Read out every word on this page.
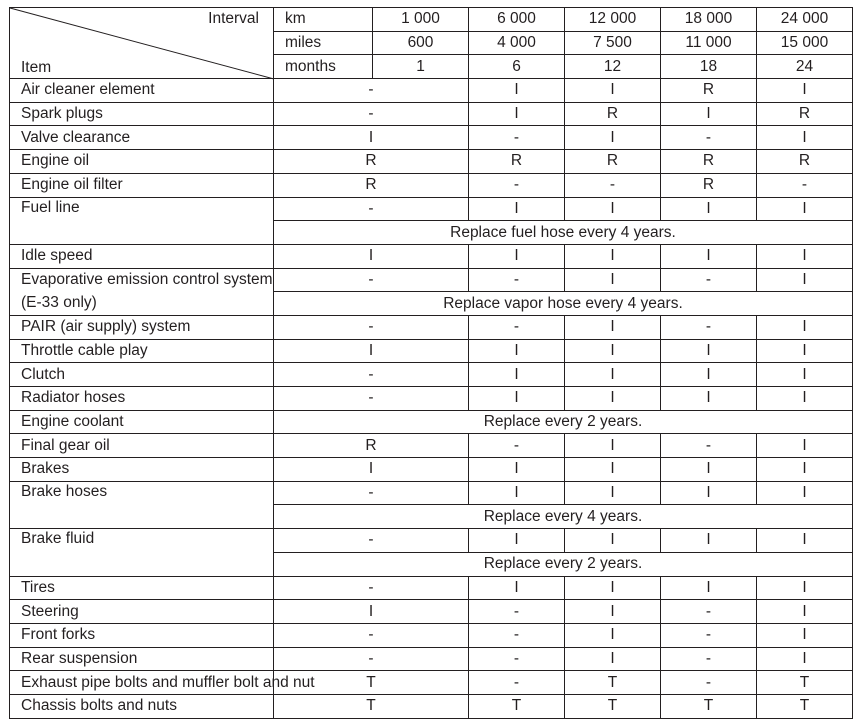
Interval
Item	km	1 000	6 000	12 000	18 000	24 000
	miles	600	4 000	7 500	11 000	15 000
	months	1	6	12	18	24
Air cleaner element	-		I	I	R	I
Spark plugs	-		I	R	I	R
Valve clearance	I		-	I	-	I
Engine oil	R		R	R	R	R
Engine oil filter	R		-	-	R	-
Fuel line	-		I	I	I	I
	Replace fuel hose every 4 years.					
Idle speed	I		I	I	I	I
Evaporative emission control system	-		-	I	-	I
(E-33 only)	Replace vapor hose every 4 years.					
PAIR (air supply) system	-		-	I	-	I
Throttle cable play	I		I	I	I	I
Clutch	-		I	I	I	I
Radiator hoses	-		I	I	I	I
Engine coolant	Replace every 2 years.					
Final gear oil	R		-	I	-	I
Brakes	I		I	I	I	I
Brake hoses	-		I	I	I	I
	Replace every 4 years.					
Brake fluid	-		I	I	I	I
	Replace every 2 years.					
Tires	-		I	I	I	I
Steering	I		-	I	-	I
Front forks	-		-	I	-	I
Rear suspension	-		-	I	-	I
Exhaust pipe bolts and muffler bolt and nut	T		-	T	-	T
Chassis bolts and nuts	T		T	T	T	T
